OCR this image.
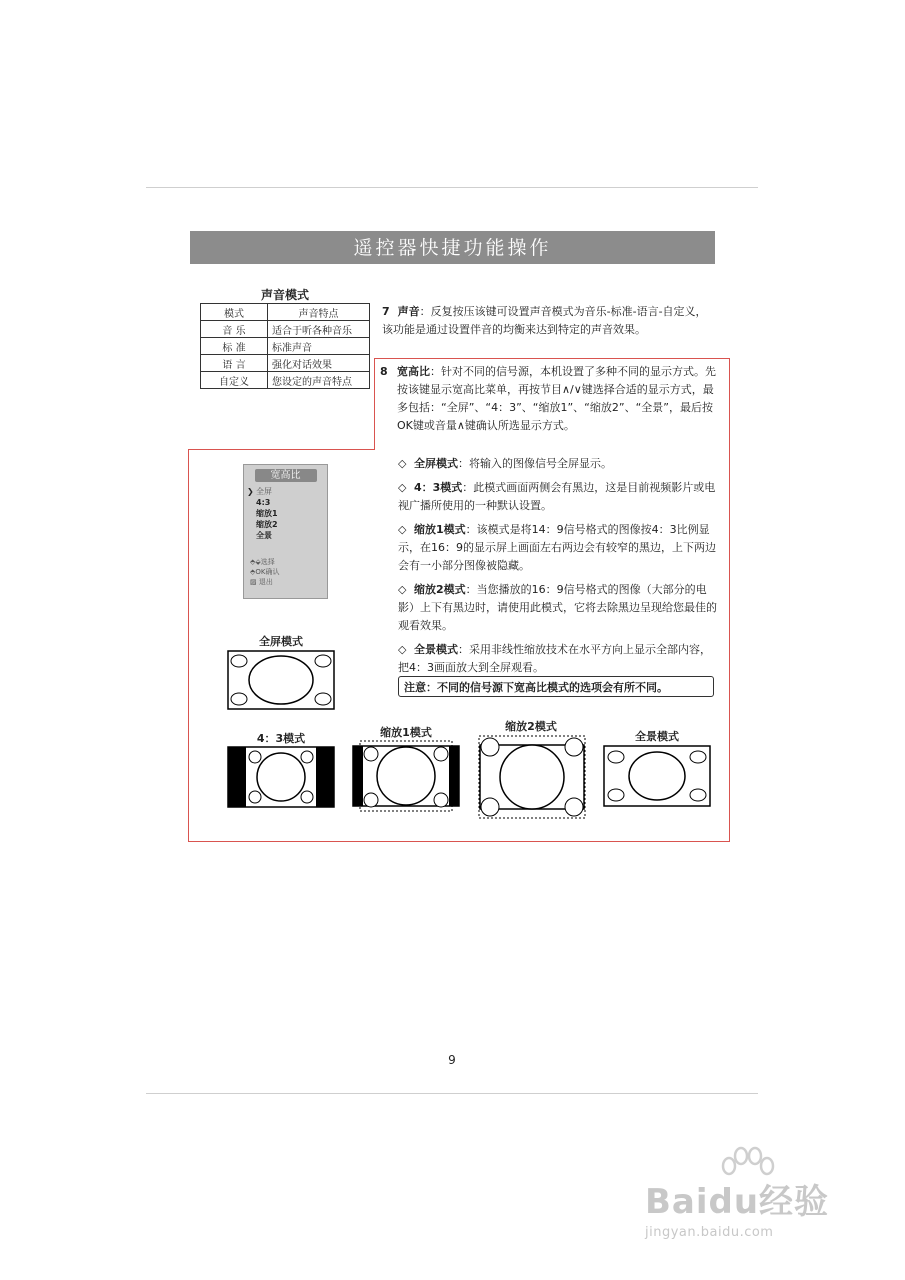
遥控器快捷功能操作
声音模式
模式	声音特点
音 乐	适合于听各种音乐
标 准	标准声音
语 言	强化对话效果
自定义	您设定的声音特点
7 声音：反复按压该键可设置声音模式为音乐-标准-语言-自定义，该功能是通过设置伴音的均衡来达到特定的声音效果。
8 宽高比：针对不同的信号源，本机设置了多种不同的显示方式。先按该键显示宽高比菜单，再按节目∧/∨键选择合适的显示方式，最多包括：“全屏”、“4：3”、“缩放1”、“缩放2”、“全景”，最后按OK键或音量∧键确认所选显示方式。
◇ 全屏模式：将输入的图像信号全屏显示。
◇ 4：3模式：此模式画面两侧会有黑边，这是目前视频影片或电视广播所使用的一种默认设置。
◇ 缩放1模式：该模式是将14：9信号格式的图像按4：3比例显示，在16：9的显示屏上画面左右两边会有较窄的黑边，上下两边会有一小部分图像被隐藏。
◇ 缩放2模式：当您播放的16：9信号格式的图像（大部分的电影）上下有黑边时，请使用此模式，它将去除黑边呈现给您最佳的观看效果。
◇ 全景模式：采用非线性缩放技术在水平方向上显示全部内容，把4：3画面放大到全屏观看。
注意：不同的信号源下宽高比模式的选项会有所不同。
宽高比
❯ 全屏
4:3
缩放1
缩放2
全景
⬘⬙选择
⬘OK确认
▨ 退出
全屏模式
4：3模式	缩放1模式	缩放2模式
全景模式
9
Baidu经验
jingyan.baidu.com
